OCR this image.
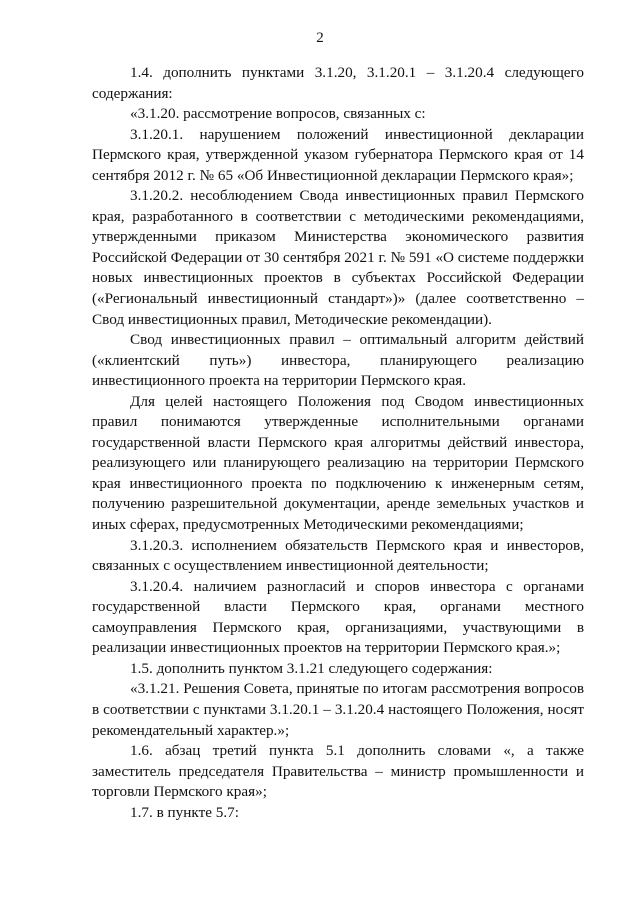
2

1.4. дополнить пунктами 3.1.20, 3.1.20.1 – 3.1.20.4 следующего содержания:

«3.1.20. рассмотрение вопросов, связанных с:

3.1.20.1. нарушением положений инвестиционной декларации Пермского края, утвержденной указом губернатора Пермского края от 14 сентября 2012 г. № 65 «Об Инвестиционной декларации Пермского края»;

3.1.20.2. несоблюдением Свода инвестиционных правил Пермского края, разработанного в соответствии с методическими рекомендациями, утвержденными приказом Министерства экономического развития Российской Федерации от 30 сентября 2021 г. № 591 «О системе поддержки новых инвестиционных проектов в субъектах Российской Федерации («Региональный инвестиционный стандарт»)» (далее соответственно – Свод инвестиционных правил, Методические рекомендации).

Свод инвестиционных правил – оптимальный алгоритм действий («клиентский путь») инвестора, планирующего реализацию инвестиционного проекта на территории Пермского края.

Для целей настоящего Положения под Сводом инвестиционных правил понимаются утвержденные исполнительными органами государственной власти Пермского края алгоритмы действий инвестора, реализующего или планирующего реализацию на территории Пермского края инвестиционного проекта по подключению к инженерным сетям, получению разрешительной документации, аренде земельных участков и иных сферах, предусмотренных Методическими рекомендациями;

3.1.20.3. исполнением обязательств Пермского края и инвесторов, связанных с осуществлением инвестиционной деятельности;

3.1.20.4. наличием разногласий и споров инвестора с органами государственной власти Пермского края, органами местного самоуправления Пермского края, организациями, участвующими в реализации инвестиционных проектов на территории Пермского края.»;

1.5. дополнить пунктом 3.1.21 следующего содержания:

«3.1.21. Решения Совета, принятые по итогам рассмотрения вопросов в соответствии с пунктами 3.1.20.1 – 3.1.20.4 настоящего Положения, носят рекомендательный характер.»;

1.6. абзац третий пункта 5.1 дополнить словами «, а также заместитель председателя Правительства – министр промышленности и торговли Пермского края»;

1.7. в пункте 5.7:
